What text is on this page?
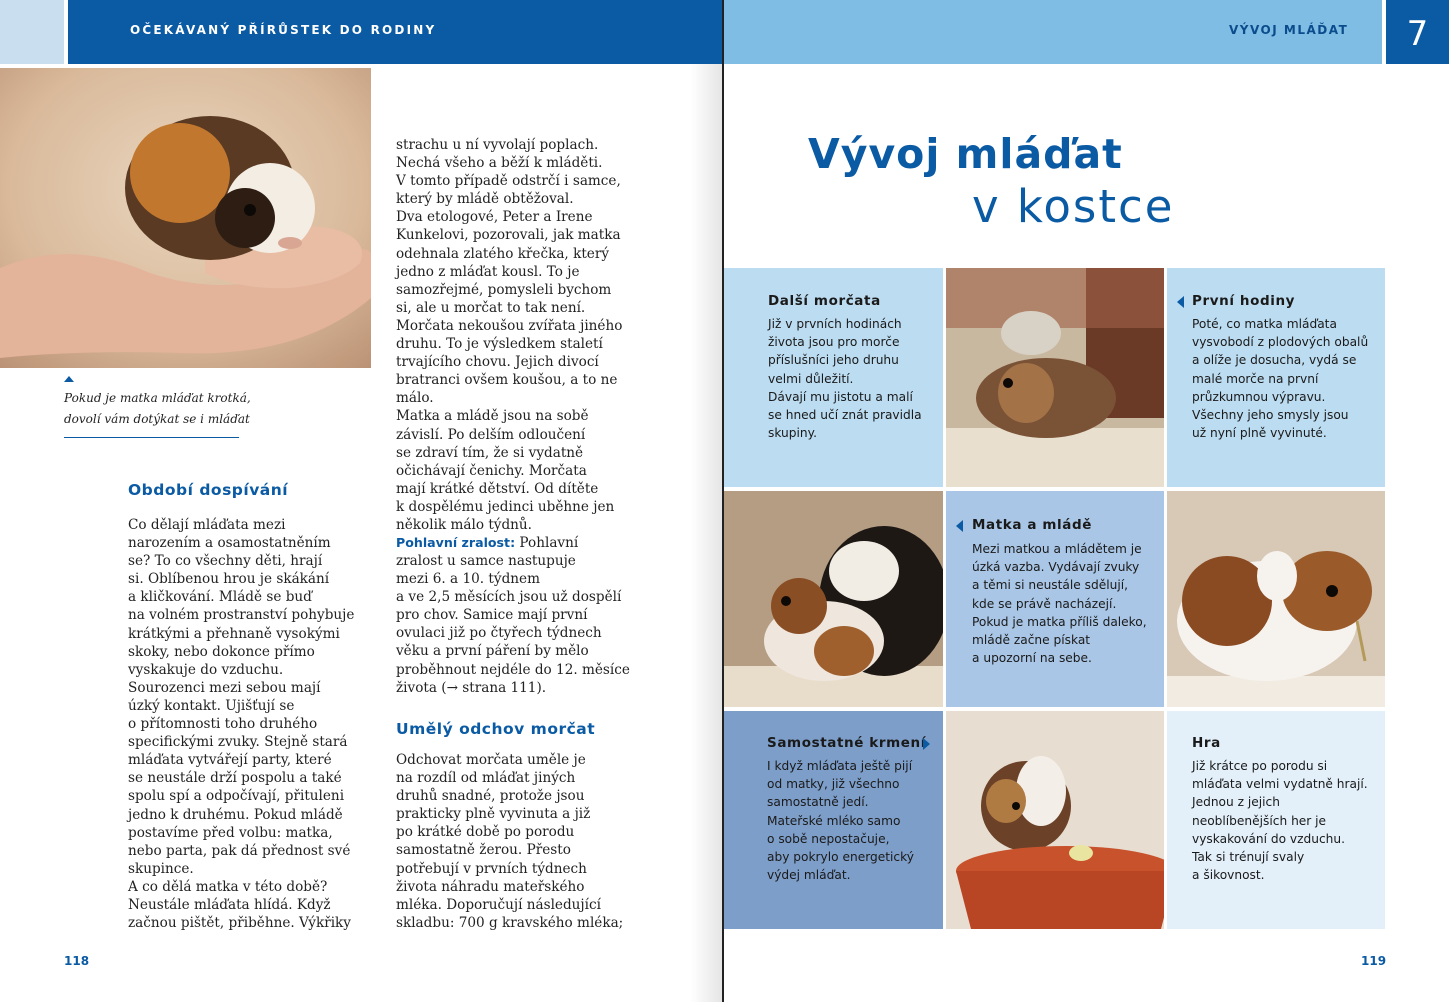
OČEKÁVANÝ PŘÍRŮSTEK DO RODINY	VÝVOJ MLÁĎAT	7
Pokud je matka mláďat krotká,
dovolí vám dotýkat se i mláďat
Období dospívání
Co dělají mláďata mezi
narozením a osamostatněním
se? To co všechny děti, hrají
si. Oblíbenou hrou je skákání
a kličkování. Mládě se buď
na volném prostranství pohybuje
krátkými a přehnaně vysokými
skoky, nebo dokonce přímo
vyskakuje do vzduchu.
Sourozenci mezi sebou mají
úzký kontakt. Ujišťují se
o přítomnosti toho druhého
specifickými zvuky. Stejně stará
mláďata vytvářejí party, které
se neustále drží pospolu a také
spolu spí a odpočívají, přituleni
jedno k druhému. Pokud mládě
postavíme před volbu: matka,
nebo parta, pak dá přednost své
skupince.
A co dělá matka v této době?
Neustále mláďata hlídá. Když
začnou pištět, přiběhne. Výkřiky
strachu u ní vyvolají poplach.
Nechá všeho a běží k mláděti.
V tomto případě odstrčí i samce,
který by mládě obtěžoval.
Dva etologové, Peter a Irene
Kunkelovi, pozorovali, jak matka
odehnala zlatého křečka, který
jedno z mláďat kousl. To je
samozřejmé, pomysleli bychom
si, ale u morčat to tak není.
Morčata nekoušou zvířata jiného
druhu. To je výsledkem staletí
trvajícího chovu. Jejich divocí
bratranci ovšem koušou, a to ne
málo.
Matka a mládě jsou na sobě
závislí. Po delším odloučení
se zdraví tím, že si vydatně
očichávají čenichy. Morčata
mají krátké dětství. Od dítěte
k dospělému jedinci uběhne jen
několik málo týdnů.
Pohlavní zralost: Pohlavní
zralost u samce nastupuje
mezi 6. a 10. týdnem
a ve 2,5 měsících jsou už dospělí
pro chov. Samice mají první
ovulaci již po čtyřech týdnech
věku a první páření by mělo
proběhnout nejdéle do 12. měsíce
života (→ strana 111).
Umělý odchov morčat
Odchovat morčata uměle je
na rozdíl od mláďat jiných
druhů snadné, protože jsou
prakticky plně vyvinuta a již
po krátké době po porodu
samostatně žerou. Přesto
potřebují v prvních týdnech
života náhradu mateřského
mléka. Doporučují následující
skladbu: 700 g kravského mléka;
118
Vývoj mláďat
v kostce
Další morčata
Již v prvních hodinách
života jsou pro morče
příslušníci jeho druhu
velmi důležití.
Dávají mu jistotu a malí
se hned učí znát pravidla
skupiny.
První hodiny
Poté, co matka mláďata
vysvobodí z plodových obalů
a olíže je dosucha, vydá se
malé morče na první
průzkumnou výpravu.
Všechny jeho smysly jsou
už nyní plně vyvinuté.
Matka a mládě
Mezi matkou a mládětem je
úzká vazba. Vydávají zvuky
a těmi si neustále sdělují,
kde se právě nacházejí.
Pokud je matka příliš daleko,
mládě začne pískat
a upozorní na sebe.
Samostatné krmení
I když mláďata ještě pijí
od matky, již všechno
samostatně jedí.
Mateřské mléko samo
o sobě nepostačuje,
aby pokrylo energetický
výdej mláďat.
Hra
Již krátce po porodu si
mláďata velmi vydatně hrají.
Jednou z jejich
neoblíbenějších her je
vyskakování do vzduchu.
Tak si trénují svaly
a šikovnost.
119
